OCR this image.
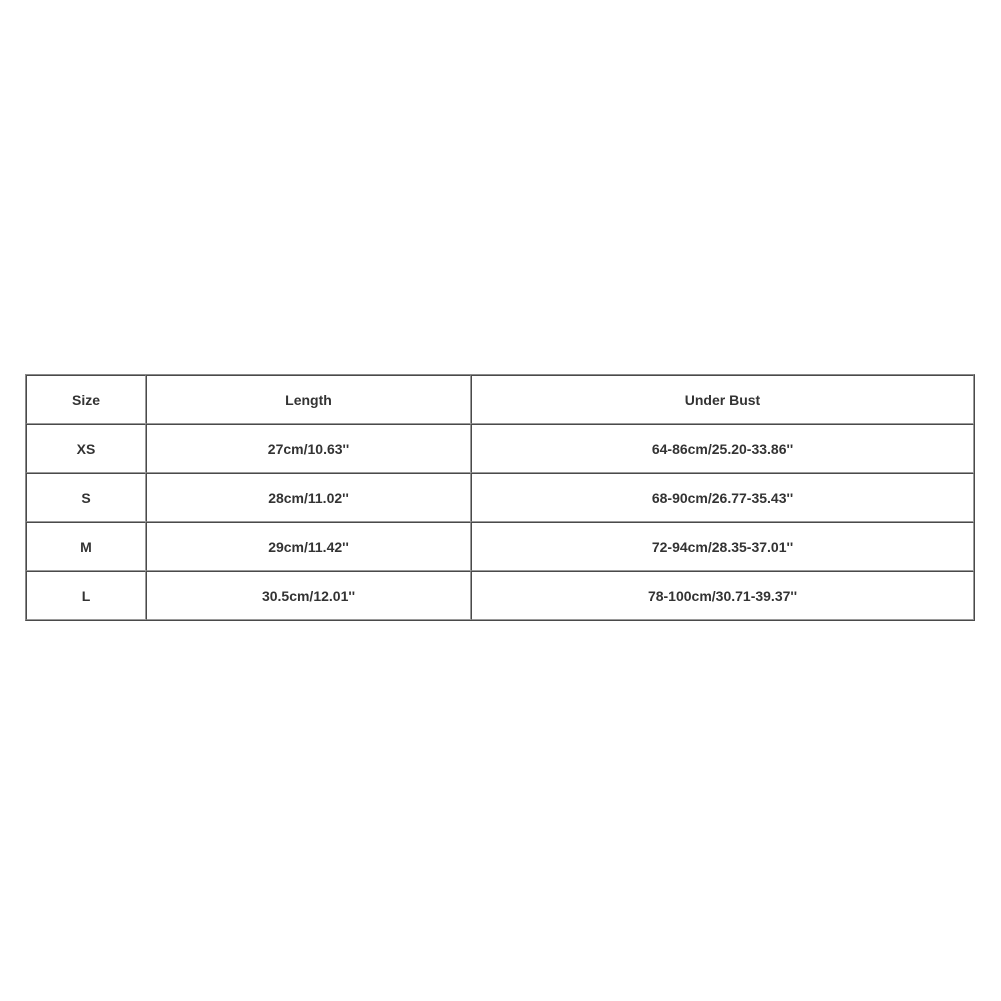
Size	Length	Under Bust
XS	27cm/10.63''	64-86cm/25.20-33.86''
S	28cm/11.02''	68-90cm/26.77-35.43''
M	29cm/11.42''	72-94cm/28.35-37.01''
L	30.5cm/12.01''	78-100cm/30.71-39.37''
